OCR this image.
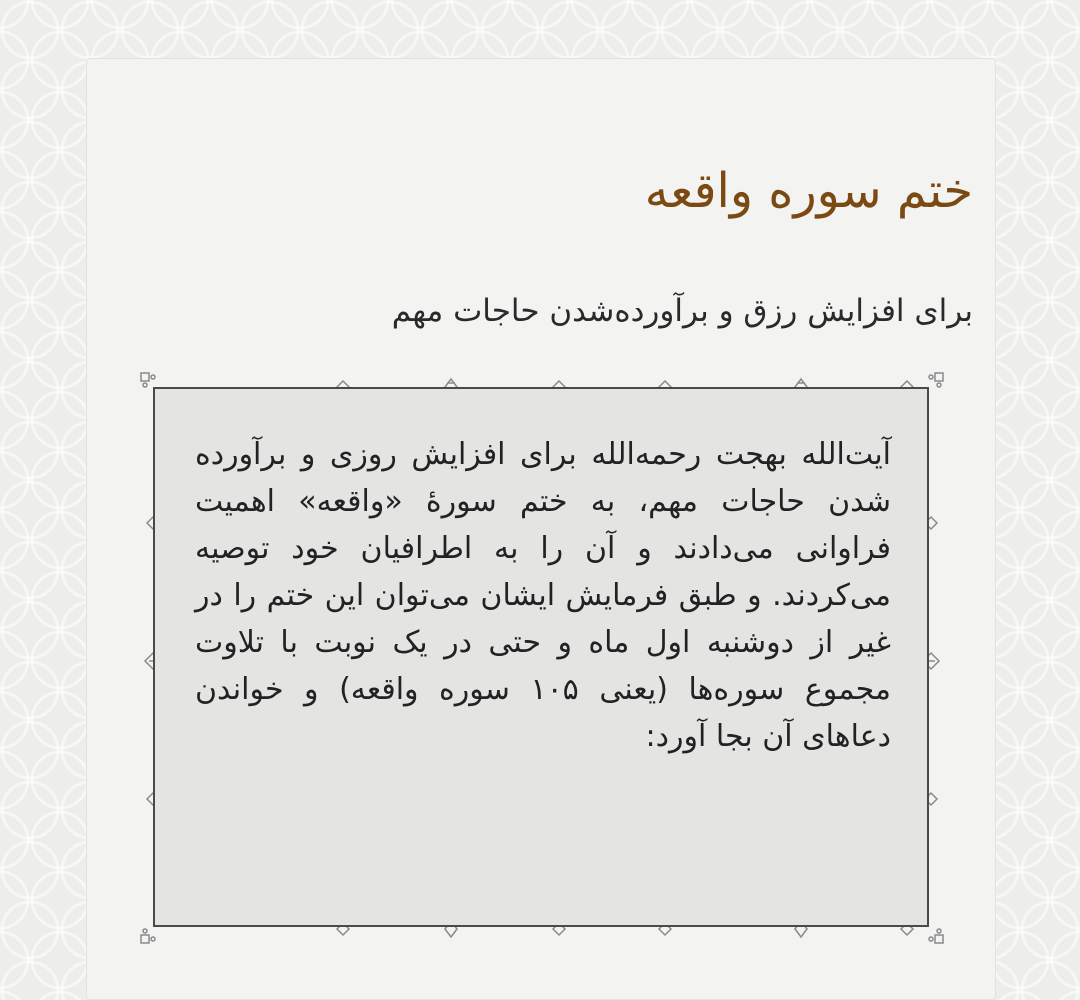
ختم سوره واقعه

برای افزایش رزق و برآورده‌شدن حاجات مهم

آیت‌الله بهجت رحمه‌الله برای افزایش روزی و برآورده شدن حاجات مهم، به ختم سورهٔ «واقعه» اهمیت فراوانی می‌دادند و آن را به اطرافیان خود توصیه می‌کردند. و طبق فرمایش ایشان می‌توان این ختم را در غیر از دوشنبه اول ماه و حتی در یک نوبت با تلاوت مجموع سوره‌ها (یعنی ۱۰۵ سوره واقعه) و خواندن دعاهای آن بجا آورد:
